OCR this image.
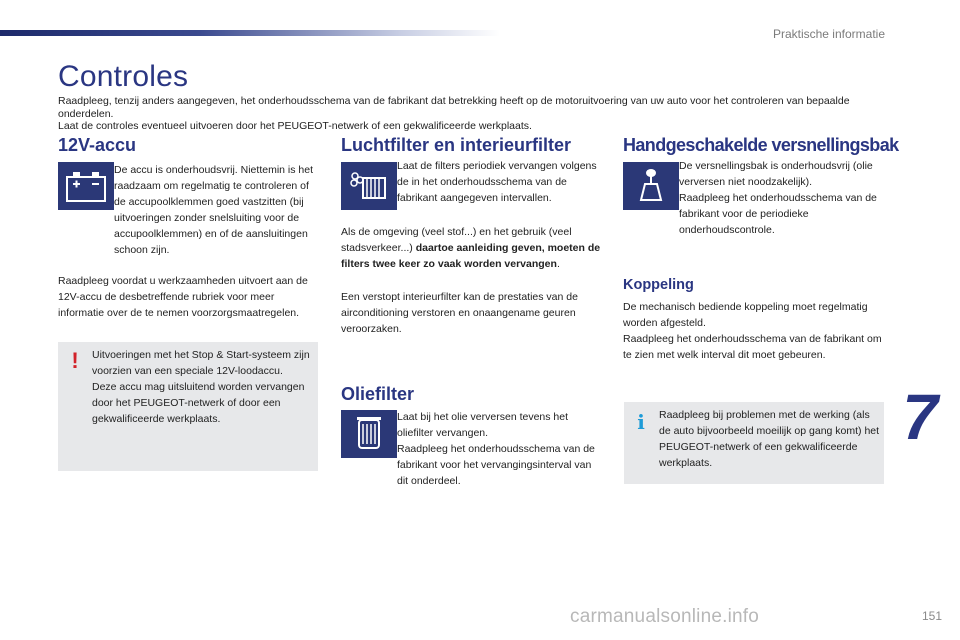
Praktische informatie
Controles

Raadpleeg, tenzij anders aangegeven, het onderhoudsschema van de fabrikant dat betrekking heeft op de motoruitvoering van uw auto voor het controleren van bepaalde onderdelen.

Laat de controles eventueel uitvoeren door het PEUGEOT-netwerk of een gekwalificeerde werkplaats.

12V-accu
De accu is onderhoudsvrij. Niettemin is het raadzaam om regelmatig te controleren of de accupoolklemmen goed vastzitten (bij uitvoeringen zonder snelsluiting voor de accupoolklemmen) en of de aansluitingen schoon zijn.
Raadpleeg voordat u werkzaamheden uitvoert aan de 12V-accu de desbetreffende rubriek voor meer informatie over de te nemen voorzorgsmaatregelen.
!	Uitvoeringen met het Stop & Start-systeem zijn voorzien van een speciale 12V-loodaccu.
Deze accu mag uitsluitend worden vervangen door het PEUGEOT-netwerk of door een gekwalificeerde werkplaats.
Luchtfilter en interieurfilter
Laat de filters periodiek vervangen volgens de in het onderhoudsschema van de fabrikant aangegeven intervallen.
Als de omgeving (veel stof...) en het gebruik (veel stadsverkeer...) daartoe aanleiding geven, moeten de filters twee keer zo vaak worden vervangen.
Een verstopt interieurfilter kan de prestaties van de airconditioning verstoren en onaangename geuren veroorzaken.
Oliefilter
Laat bij het olie verversen tevens het oliefilter vervangen.
Raadpleeg het onderhoudsschema van de fabrikant voor het vervangingsinterval van dit onderdeel.
Handgeschakelde versnellingsbak
De versnellingsbak is onderhoudsvrij (olie verversen niet noodzakelijk).
Raadpleeg het onderhoudsschema van de fabrikant voor de periodieke onderhoudscontrole.
Koppeling
De mechanisch bediende koppeling moet regelmatig worden afgesteld.
Raadpleeg het onderhoudsschema van de fabrikant om te zien met welk interval dit moet gebeuren.
i	Raadpleeg bij problemen met de werking (als de auto bijvoorbeeld moeilijk op gang komt) het PEUGEOT-netwerk of een gekwalificeerde werkplaats.
7
carmanualsonline.info	151
